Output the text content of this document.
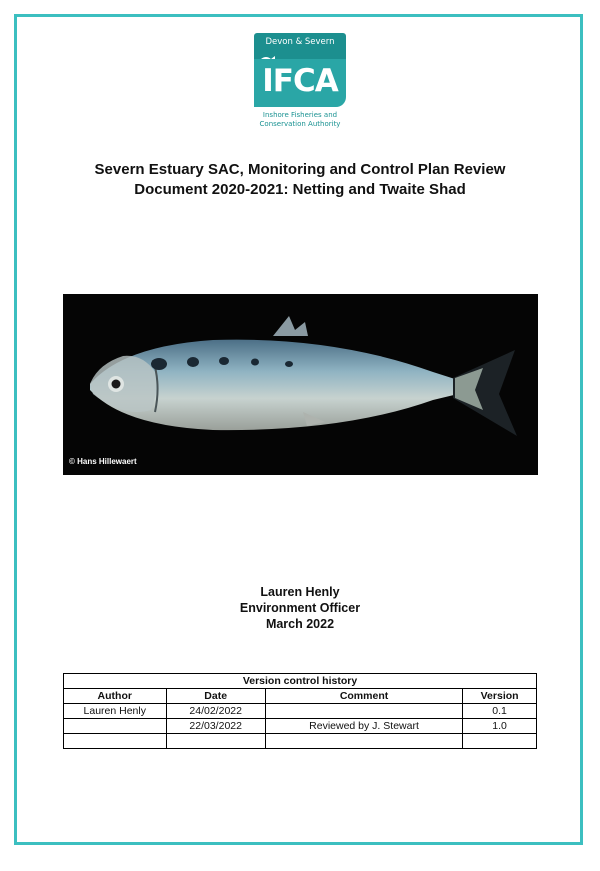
Devon & Severn
IFCA
Inshore Fisheries and
Conservation Authority
Severn Estuary SAC, Monitoring and Control Plan Review
Document 2020-2021: Netting and Twaite Shad
© Hans Hillewaert
Lauren Henly
Environment Officer
March 2022
Version control history			
Author	Date	Comment	Version
Lauren Henly	24/02/2022		0.1
	22/03/2022	Reviewed by J. Stewart	1.0
